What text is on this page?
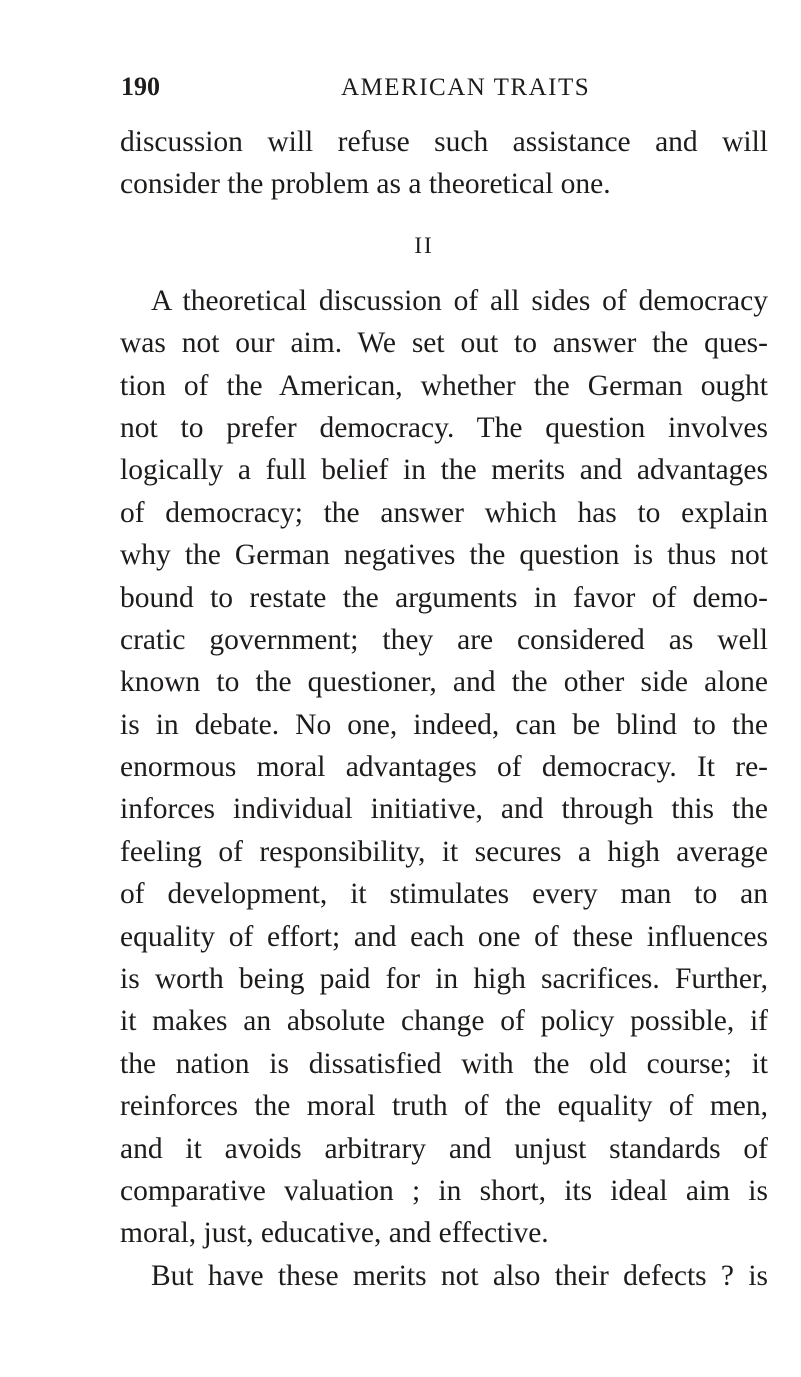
190	AMERICAN TRAITS
discussion will refuse such assistance and will
consider the problem as a theoretical one.
II
A theoretical discussion of all sides of democracy
was not our aim. We set out to answer the ques-
tion of the American, whether the German ought
not to prefer democracy. The question involves
logically a full belief in the merits and advantages
of democracy; the answer which has to explain
why the German negatives the question is thus not
bound to restate the arguments in favor of demo-
cratic government; they are considered as well
known to the questioner, and the other side alone
is in debate. No one, indeed, can be blind to the
enormous moral advantages of democracy. It re-
inforces individual initiative, and through this the
feeling of responsibility, it secures a high average
of development, it stimulates every man to an
equality of effort; and each one of these influences
is worth being paid for in high sacrifices. Further,
it makes an absolute change of policy possible, if
the nation is dissatisfied with the old course; it
reinforces the moral truth of the equality of men,
and it avoids arbitrary and unjust standards of
comparative valuation ; in short, its ideal aim is
moral, just, educative, and effective.
But have these merits not also their defects ? is
